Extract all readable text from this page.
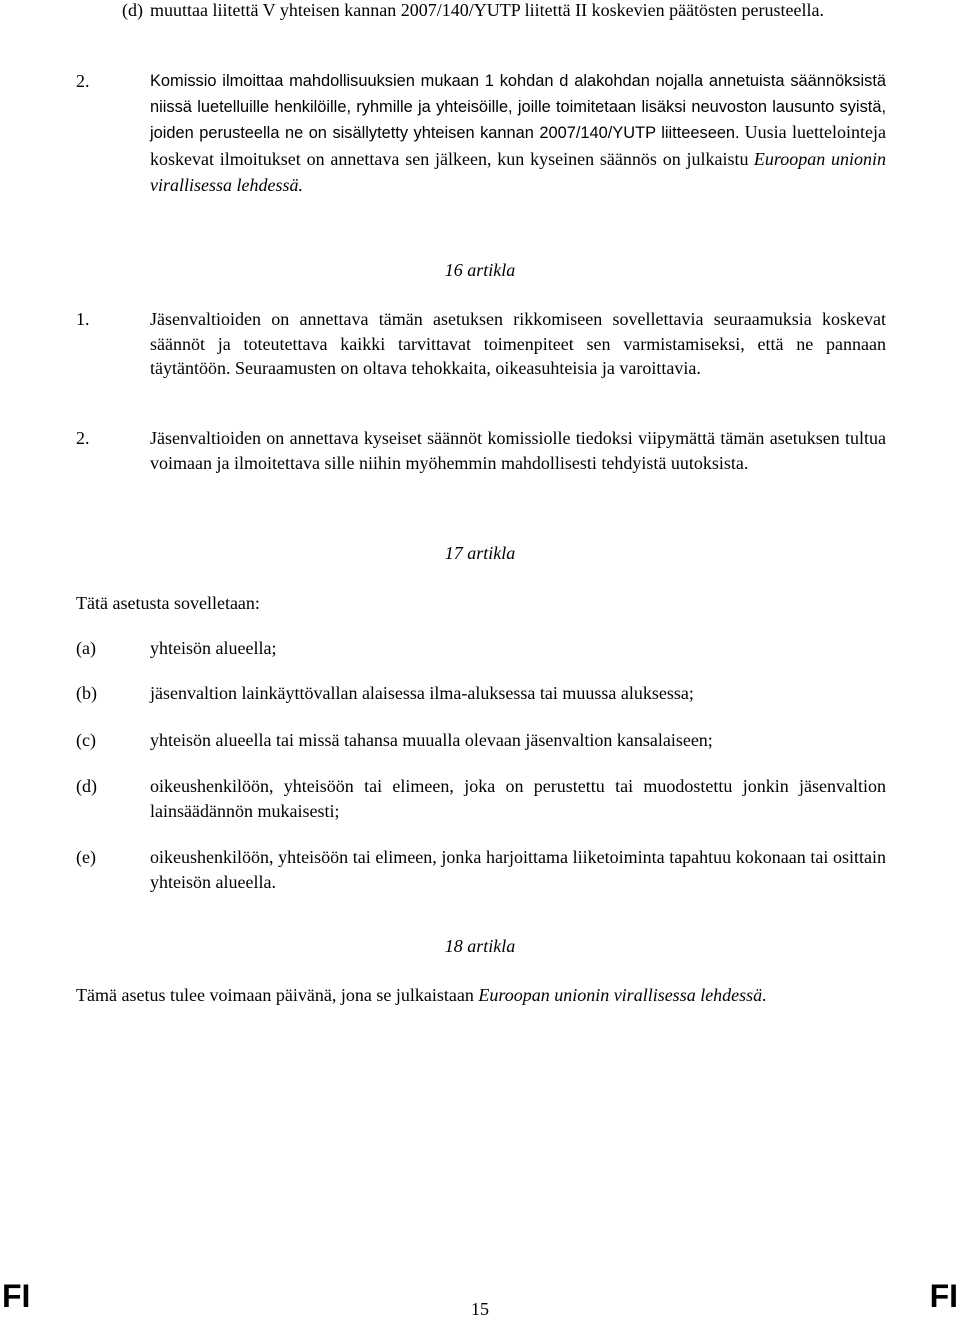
(d) muuttaa liitettä V yhteisen kannan 2007/140/YUTP liitettä II koskevien päätösten perusteella.
2.	Komissio ilmoittaa mahdollisuuksien mukaan 1 kohdan d alakohdan nojalla annetuista säännöksistä niissä luetelluille henkilöille, ryhmille ja yhteisöille, joille toimitetaan lisäksi neuvoston lausunto syistä, joiden perusteella ne on sisällytetty yhteisen kannan 2007/140/YUTP liitteeseen. Uusia luettelointeja koskevat ilmoitukset on annettava sen jälkeen, kun kyseinen säännös on julkaistu Euroopan unionin virallisessa lehdessä.
16 artikla
1.	Jäsenvaltioiden on annettava tämän asetuksen rikkomiseen sovellettavia seuraamuksia koskevat säännöt ja toteutettava kaikki tarvittavat toimenpiteet sen varmistamiseksi, että ne pannaan täytäntöön. Seuraamusten on oltava tehokkaita, oikeasuhteisia ja varoittavia.
2.	Jäsenvaltioiden on annettava kyseiset säännöt komissiolle tiedoksi viipymättä tämän asetuksen tultua voimaan ja ilmoitettava sille niihin myöhemmin mahdollisesti tehdyistä uutoksista.
17 artikla
Tätä asetusta sovelletaan:
(a)	yhteisön alueella;
(b)	jäsenvaltion lainkäyttövallan alaisessa ilma-aluksessa tai muussa aluksessa;
(c)	yhteisön alueella tai missä tahansa muualla olevaan jäsenvaltion kansalaiseen;
(d)	oikeushenkilöön, yhteisöön tai elimeen, joka on perustettu tai muodostettu jonkin jäsenvaltion lainsäädännön mukaisesti;
(e)	oikeushenkilöön, yhteisöön tai elimeen, jonka harjoittama liiketoiminta tapahtuu kokonaan tai osittain yhteisön alueella.
18 artikla
Tämä asetus tulee voimaan päivänä, jona se julkaistaan Euroopan unionin virallisessa lehdessä.
FI	15	FI
